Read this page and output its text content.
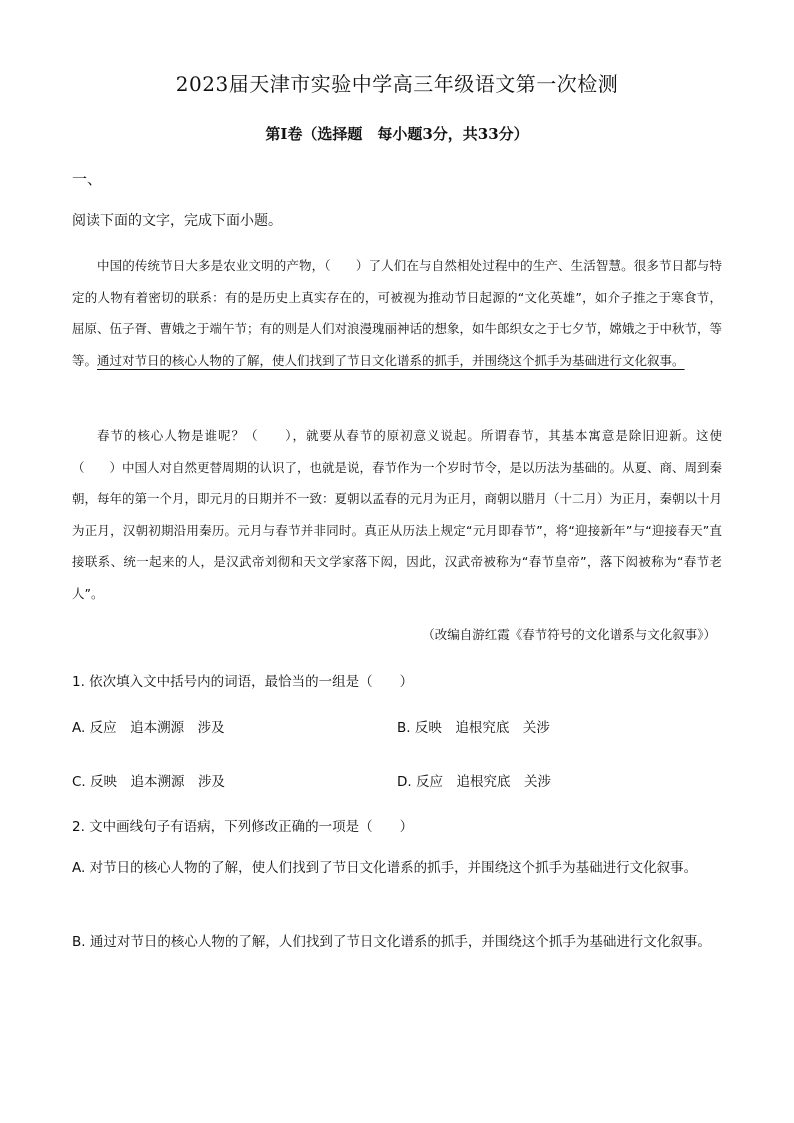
2023届天津市实验中学高三年级语文第一次检测
第Ⅰ卷（选择题　每小题3分，共33分）
一、
阅读下面的文字，完成下面小题。
中国的传统节日大多是农业文明的产物，（　　）了人们在与自然相处过程中的生产、生活智慧。很多节日都与特定的人物有着密切的联系：有的是历史上真实存在的，可被视为推动节日起源的“文化英雄”，如介子推之于寒食节，屈原、伍子胥、曹娥之于端午节；有的则是人们对浪漫瑰丽神话的想象，如牛郎织女之于七夕节，嫦娥之于中秋节，等等。通过对节日的核心人物的了解，使人们找到了节日文化谱系的抓手，并围绕这个抓手为基础进行文化叙事。
春节的核心人物是谁呢？（　　），就要从春节的原初意义说起。所谓春节，其基本寓意是除旧迎新。这使（　　）中国人对自然更替周期的认识了，也就是说，春节作为一个岁时节令，是以历法为基础的。从夏、商、周到秦朝，每年的第一个月，即元月的日期并不一致：夏朝以孟春的元月为正月，商朝以腊月（十二月）为正月，秦朝以十月为正月，汉朝初期沿用秦历。元月与春节并非同时。真正从历法上规定“元月即春节”，将“迎接新年”与“迎接春天”直接联系、统一起来的人，是汉武帝刘彻和天文学家落下闳，因此，汉武帝被称为“春节皇帝”，落下闳被称为“春节老人”。
（改编自游红霞《春节符号的文化谱系与文化叙事》）
1. 依次填入文中括号内的词语，最恰当的一组是（　　）
A. 反应　追本溯源　涉及	B. 反映　追根究底　关涉
C. 反映　追本溯源　涉及	D. 反应　追根究底　关涉
2. 文中画线句子有语病，下列修改正确的一项是（　　）
A. 对节日的核心人物的了解，使人们找到了节日文化谱系的抓手，并围绕这个抓手为基础进行文化叙事。
B. 通过对节日的核心人物的了解，人们找到了节日文化谱系的抓手，并围绕这个抓手为基础进行文化叙事。
